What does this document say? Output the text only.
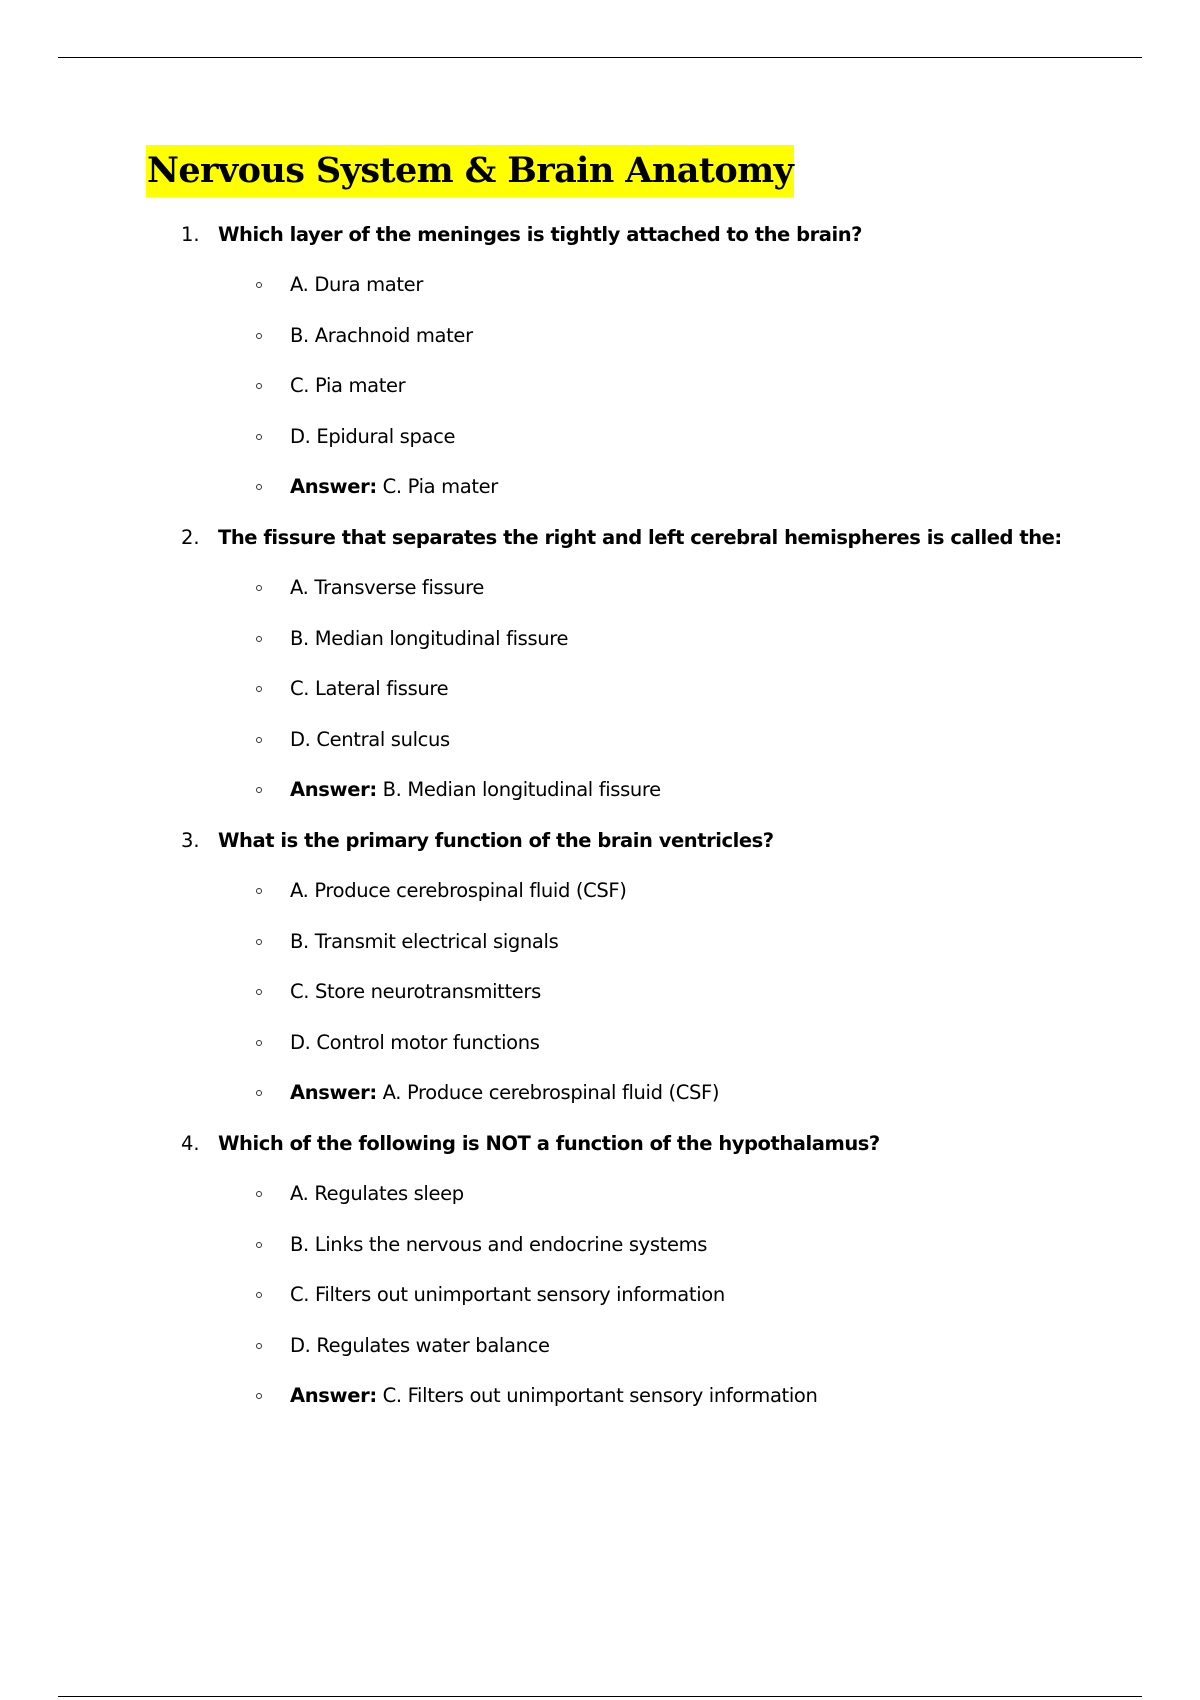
Nervous System & Brain Anatomy
1. Which layer of the meninges is tightly attached to the brain?
A. Dura mater
B. Arachnoid mater
C. Pia mater
D. Epidural space
Answer: C. Pia mater
2. The fissure that separates the right and left cerebral hemispheres is called the:
A. Transverse fissure
B. Median longitudinal fissure
C. Lateral fissure
D. Central sulcus
Answer: B. Median longitudinal fissure
3. What is the primary function of the brain ventricles?
A. Produce cerebrospinal fluid (CSF)
B. Transmit electrical signals
C. Store neurotransmitters
D. Control motor functions
Answer: A. Produce cerebrospinal fluid (CSF)
4. Which of the following is NOT a function of the hypothalamus?
A. Regulates sleep
B. Links the nervous and endocrine systems
C. Filters out unimportant sensory information
D. Regulates water balance
Answer: C. Filters out unimportant sensory information
